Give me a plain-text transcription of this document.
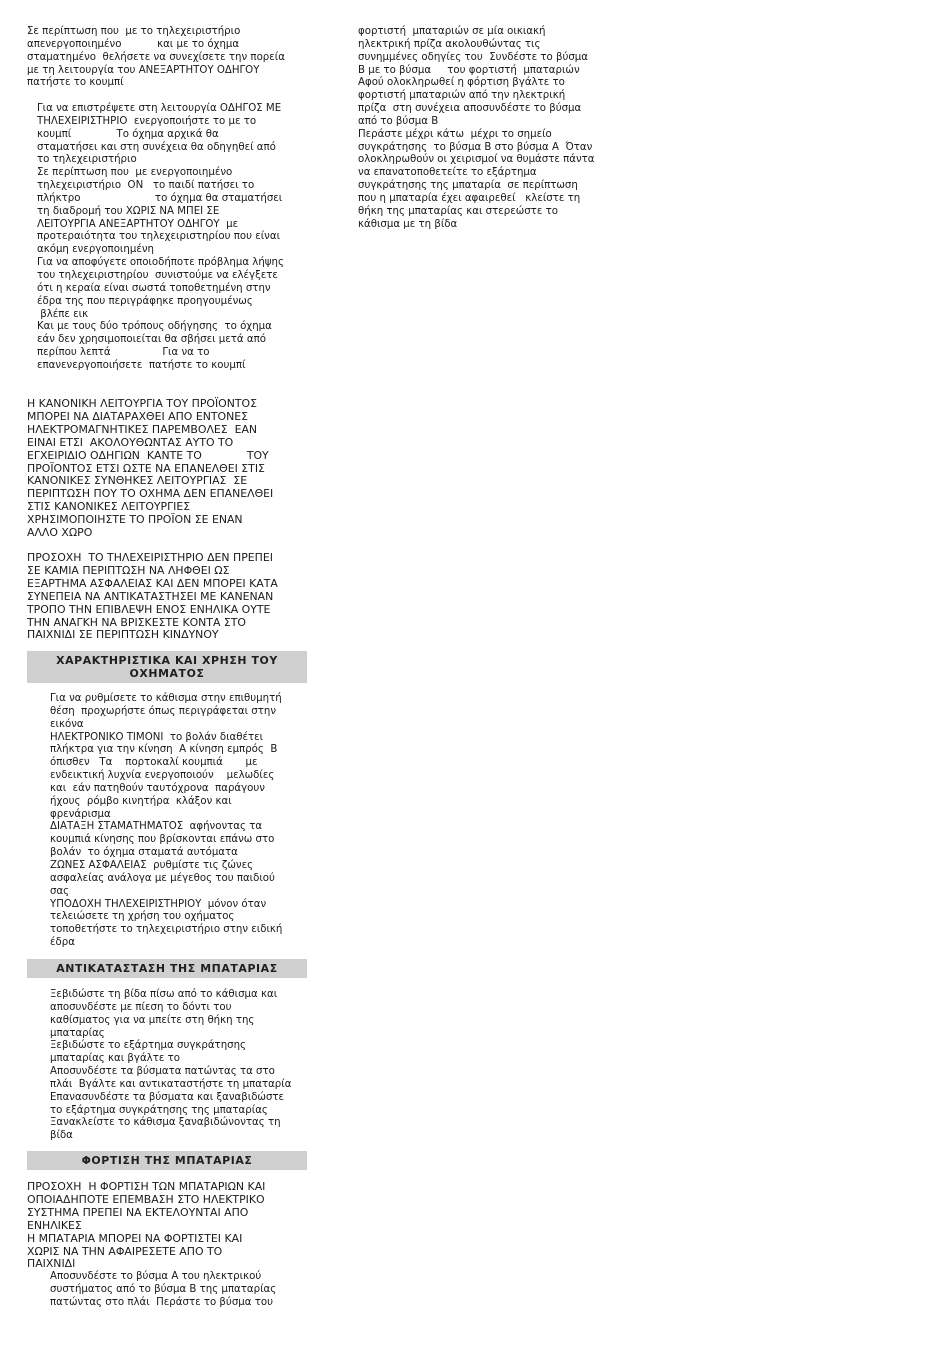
Σε περίπτωση που  με το τηλεχειριστήριο
απενεργοποιημένο           και με το όχημα
σταματημένο  θελήσετε να συνεχίσετε την πορεία
με τη λειτουργία του ΑΝΕΞΑΡΤΗΤΟΥ ΟΔΗΓΟΥ
πατήστε το κουμπί
Για να επιστρέψετε στη λειτουργία ΟΔΗΓΟΣ ΜΕ
ΤΗΛΕΧΕΙΡΙΣΤΗΡΙΟ  ενεργοποιήστε το με το
κουμπί              Το όχημα αρχικά θα
σταματήσει και στη συνέχεια θα οδηγηθεί από
το τηλεχειριστήριο
Σε περίπτωση που  με ενεργοποιημένο
τηλεχειριστήριο  ON   το παιδί πατήσει το
πλήκτρο                       το όχημα θα σταματήσει
τη διαδρομή του ΧΩΡΙΣ ΝΑ ΜΠΕΙ ΣΕ
ΛΕΙΤΟΥΡΓΙΑ ΑΝΕΞΑΡΤΗΤΟΥ ΟΔΗΓΟΥ  με
προτεραιότητα του τηλεχειριστηρίου που είναι
ακόμη ενεργοποιημένη
Για να αποφύγετε οποιοδήποτε πρόβλημα λήψης
του τηλεχειριστηρίου  συνιστούμε να ελέγξετε
ότι η κεραία είναι σωστά τοποθετημένη στην
έδρα της που περιγράφηκε προηγουμένως
βλέπε εικ
Και με τους δύο τρόπους οδήγησης  το όχημα
εάν δεν χρησιμοποιείται θα σβήσει μετά από
περίπου λεπτά                Για να το
επανενεργοποιήσετε  πατήστε το κουμπί
Η ΚΑΝΟΝΙΚΗ ΛΕΙΤΟΥΡΓΙΑ ΤΟΥ ΠΡΟΪΟΝΤΟΣ
ΜΠΟΡΕΙ ΝΑ ΔΙΑΤΑΡΑΧΘΕΙ ΑΠΟ ΕΝΤΟΝΕΣ
ΗΛΕΚΤΡΟΜΑΓΝΗΤΙΚΕΣ ΠΑΡΕΜΒΟΛΕΣ  ΕΑΝ
ΕΙΝΑΙ ΕΤΣΙ  ΑΚΟΛΟΥΘΩΝΤΑΣ ΑΥΤΟ ΤΟ
ΕΓΧΕΙΡΙΔΙΟ ΟΔΗΓΙΩΝ  ΚΑΝΤΕ ΤΟ             ΤΟΥ
ΠΡΟΪΟΝΤΟΣ ΕΤΣΙ ΩΣΤΕ ΝΑ ΕΠΑΝΕΛΘΕΙ ΣΤΙΣ
ΚΑΝΟΝΙΚΕΣ ΣΥΝΘΗΚΕΣ ΛΕΙΤΟΥΡΓΙΑΣ  ΣΕ
ΠΕΡΙΠΤΩΣΗ ΠΟΥ ΤΟ ΟΧΗΜΑ ΔΕΝ ΕΠΑΝΕΛΘΕΙ
ΣΤΙΣ ΚΑΝΟΝΙΚΕΣ ΛΕΙΤΟΥΡΓΙΕΣ
ΧΡΗΣΙΜΟΠΟΙΗΣΤΕ ΤΟ ΠΡΟΪΟΝ ΣΕ ΕΝΑΝ
ΑΛΛΟ ΧΩΡΟ
ΠΡΟΣΟΧΗ  ΤΟ ΤΗΛΕΧΕΙΡΙΣΤΗΡΙΟ ΔΕΝ ΠΡΕΠΕΙ
ΣΕ ΚΑΜΙΑ ΠΕΡΙΠΤΩΣΗ ΝΑ ΛΗΦΘΕΙ ΩΣ
ΕΞΑΡΤΗΜΑ ΑΣΦΑΛΕΙΑΣ ΚΑΙ ΔΕΝ ΜΠΟΡΕΙ ΚΑΤΑ
ΣΥΝΕΠΕΙΑ ΝΑ ΑΝΤΙΚΑΤΑΣΤΗΣΕΙ ΜΕ ΚΑΝΕΝΑΝ
ΤΡΟΠΟ ΤΗΝ ΕΠΙΒΛΕΨΗ ΕΝΟΣ ΕΝΗΛΙΚΑ ΟΥΤΕ
ΤΗΝ ΑΝΑΓΚΗ ΝΑ ΒΡΙΣΚΕΣΤΕ ΚΟΝΤΑ ΣΤΟ
ΠΑΙΧΝΙΔΙ ΣΕ ΠΕΡΙΠΤΩΣΗ ΚΙΝΔΥΝΟΥ
ΧΑΡΑΚΤΗΡΙΣΤΙΚΑ ΚΑΙ ΧΡΗΣΗ ΤΟΥ
ΟΧΗΜΑΤΟΣ
Για να ρυθμίσετε το κάθισμα στην επιθυμητή
θέση  προχωρήστε όπως περιγράφεται στην
εικόνα
ΗΛΕΚΤΡΟΝΙΚΟ ΤΙΜΟΝΙ  το βολάν διαθέτει
πλήκτρα για την κίνηση  Α κίνηση εμπρός  Β
όπισθεν   Τα    πορτοκαλί κουμπιά       με
ενδεικτική λυχνία ενεργοποιούν    μελωδίες
και  εάν πατηθούν ταυτόχρονα  παράγουν
ήχους  ρόμβο κινητήρα  κλάξον και
φρενάρισμα
ΔΙΑΤΑΞΗ ΣΤΑΜΑΤΗΜΑΤΟΣ  αφήνοντας τα
κουμπιά κίνησης που βρίσκονται επάνω στο
βολάν  το όχημα σταματά αυτόματα
ΖΩΝΕΣ ΑΣΦΑΛΕΙΑΣ  ρυθμίστε τις ζώνες
ασφαλείας ανάλογα με μέγεθος του παιδιού
σας
ΥΠΟΔΟΧΗ ΤΗΛΕΧΕΙΡΙΣΤΗΡΙΟΥ  μόνον όταν
τελειώσετε τη χρήση του οχήματος
τοποθετήστε το τηλεχειριστήριο στην ειδική
έδρα
ΑΝΤΙΚΑΤΑΣΤΑΣΗ ΤΗΣ ΜΠΑΤΑΡΙΑΣ
Ξεβιδώστε τη βίδα πίσω από το κάθισμα και
αποσυνδέστε με πίεση το δόντι του
καθίσματος για να μπείτε στη θήκη της
μπαταρίας
Ξεβιδώστε το εξάρτημα συγκράτησης
μπαταρίας και βγάλτε το
Αποσυνδέστε τα βύσματα πατώντας τα στο
πλάι  Βγάλτε και αντικαταστήστε τη μπαταρία
Επανασυνδέστε τα βύσματα και ξαναβιδώστε
το εξάρτημα συγκράτησης της μπαταρίας
Ξανακλείστε το κάθισμα ξαναβιδώνοντας τη
βίδα
ΦΟΡΤΙΣΗ ΤΗΣ ΜΠΑΤΑΡΙΑΣ
ΠΡΟΣΟΧΗ  Η ΦΟΡΤΙΣΗ ΤΩΝ ΜΠΑΤΑΡΙΩΝ ΚΑΙ
ΟΠΟΙΑΔΗΠΟΤΕ ΕΠΕΜΒΑΣΗ ΣΤΟ ΗΛΕΚΤΡΙΚΟ
ΣΥΣΤΗΜΑ ΠΡΕΠΕΙ ΝΑ ΕΚΤΕΛΟΥΝΤΑΙ ΑΠΟ
ΕΝΗΛΙΚΕΣ
Η ΜΠΑΤΑΡΙΑ ΜΠΟΡΕΙ ΝΑ ΦΟΡΤΙΣΤΕΙ ΚΑΙ
ΧΩΡΙΣ ΝΑ ΤΗΝ ΑΦΑΙΡΕΣΕΤΕ ΑΠΟ ΤΟ
ΠΑΙΧΝΙΔΙ
Αποσυνδέστε το βύσμα Α του ηλεκτρικού
συστήματος από το βύσμα Β της μπαταρίας
πατώντας στο πλάι  Περάστε το βύσμα του
φορτιστή  μπαταριών σε μία οικιακή
ηλεκτρική πρίζα ακολουθώντας τις
συνημμένες οδηγίες του  Συνδέστε το βύσμα
Β με το βύσμα     του φορτιστή  μπαταριών
Αφού ολοκληρωθεί η φόρτιση βγάλτε το
φορτιστή μπαταριών από την ηλεκτρική
πρίζα  στη συνέχεια αποσυνδέστε το βύσμα
από το βύσμα Β
Περάστε μέχρι κάτω  μέχρι το σημείο
συγκράτησης  το βύσμα Β στο βύσμα Α  Όταν
ολοκληρωθούν οι χειρισμοί να θυμάστε πάντα
να επανατοποθετείτε το εξάρτημα
συγκράτησης της μπαταρία  σε περίπτωση
που η μπαταρία έχει αφαιρεθεί   κλείστε τη
θήκη της μπαταρίας και στερεώστε το
κάθισμα με τη βίδα
